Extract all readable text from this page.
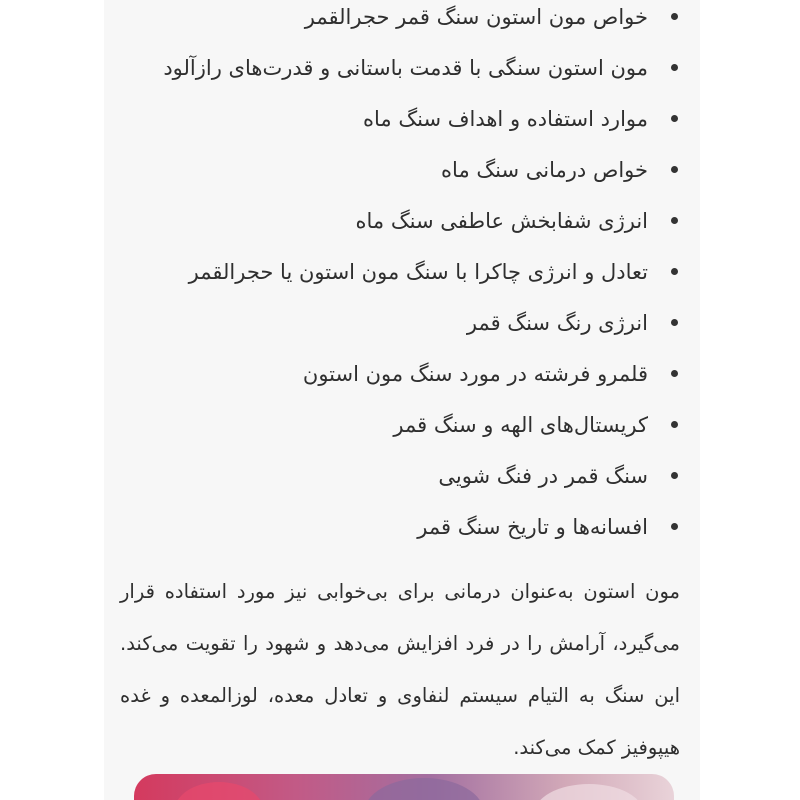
خواص مون استون سنگ قمر حجرالقمر
مون استون سنگی با قدمت باستانی و قدرت‌های رازآلود
موارد استفاده و اهداف سنگ ماه
خواص درمانی سنگ ماه
انرژی شفابخش عاطفی سنگ ماه
تعادل و انرژی چاکرا با سنگ مون استون یا حجرالقمر
انرژی رنگ سنگ قمر
قلمرو فرشته در مورد سنگ مون استون
کریستال‌های الهه و سنگ قمر
سنگ قمر در فنگ شویی
افسانه‌ها و تاریخ سنگ قمر

مون استون به‌عنوان درمانی برای بی‌خوابی نیز مورد استفاده قرار می‌گیرد، آرامش را در فرد افزایش می‌دهد و شهود را تقویت می‌کند. این سنگ به التیام سیستم لنفاوی و تعادل معده، لوزالمعده و غده هیپوفیز کمک می‌کند.
